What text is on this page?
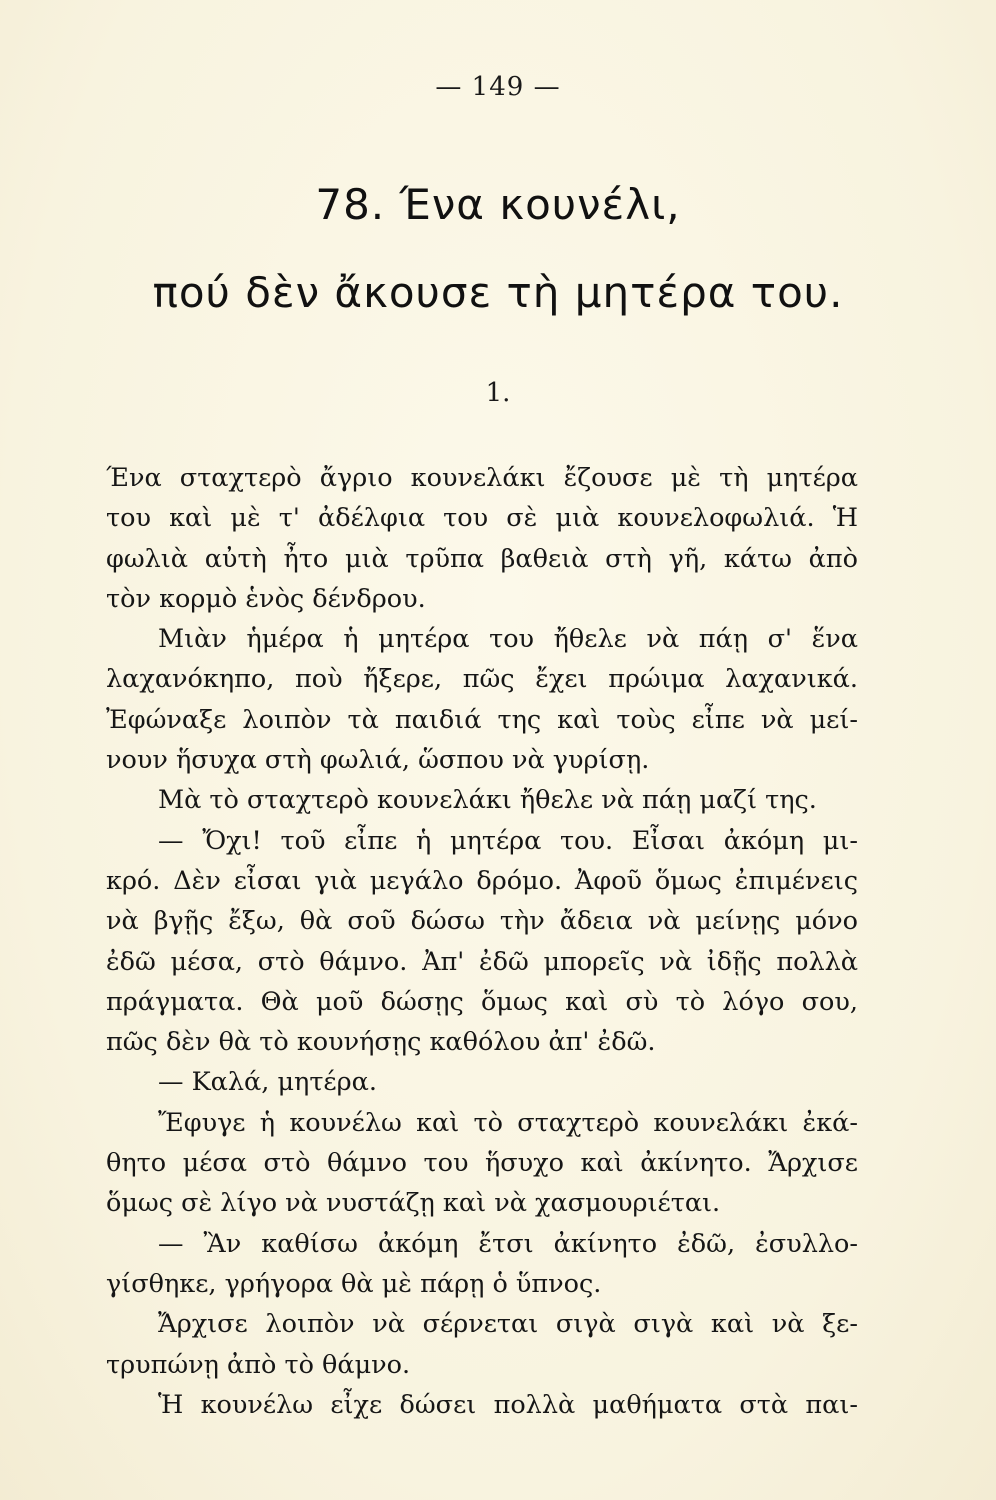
— 149 —
78. Ένα κουνέλι,
πού δὲν ἄκουσε τὴ μητέρα του.
1.
Ένα σταχτερὸ ἄγριο κουνελάκι ἔζουσε μὲ τὴ μητέρα
του καὶ μὲ τ' ἀδέλφια του σὲ μιὰ κουνελοφωλιά. Ἡ
φωλιὰ αὐτὴ ἦτο μιὰ τρῦπα βαθειὰ στὴ γῆ, κάτω ἀπὸ
τὸν κορμὸ ἑνὸς δένδρου.
Μιὰν ἡμέρα ἡ μητέρα του ἤθελε νὰ πάῃ σ' ἕνα
λαχανόκηπο, ποὺ ἤξερε, πῶς ἔχει πρώιμα λαχανικά.
Ἐφώναξε λοιπὸν τὰ παιδιά της καὶ τοὺς εἶπε νὰ μεί-
νουν ἥσυχα στὴ φωλιά, ὥσπου νὰ γυρίσῃ.
Μὰ τὸ σταχτερὸ κουνελάκι ἤθελε νὰ πάῃ μαζί της.
— Ὄχι! τοῦ εἶπε ἡ μητέρα του. Εἶσαι ἀκόμη μι-
κρό. Δὲν εἶσαι γιὰ μεγάλο δρόμο. Ἀφοῦ ὅμως ἐπιμένεις
νὰ βγῇς ἔξω, θὰ σοῦ δώσω τὴν ἄδεια νὰ μείνῃς μόνο
ἐδῶ μέσα, στὸ θάμνο. Ἀπ' ἐδῶ μπορεῖς νὰ ἰδῇς πολλὰ
πράγματα. Θὰ μοῦ δώσῃς ὅμως καὶ σὺ τὸ λόγο σου,
πῶς δὲν θὰ τὸ κουνήσῃς καθόλου ἀπ' ἐδῶ.
— Καλά, μητέρα.
Ἔφυγε ἡ κουνέλω καὶ τὸ σταχτερὸ κουνελάκι ἐκά-
θητο μέσα στὸ θάμνο του ἥσυχο καὶ ἀκίνητο. Ἄρχισε
ὅμως σὲ λίγο νὰ νυστάζῃ καὶ νὰ χασμουριέται.
— Ἂν καθίσω ἀκόμη ἔτσι ἀκίνητο ἐδῶ, ἐσυλλο-
γίσθηκε, γρήγορα θὰ μὲ πάρῃ ὁ ὕπνος.
Ἄρχισε λοιπὸν νὰ σέρνεται σιγὰ σιγὰ καὶ νὰ ξε-
τρυπώνῃ ἀπὸ τὸ θάμνο.
Ἡ κουνέλω εἶχε δώσει πολλὰ μαθήματα στὰ παι-
